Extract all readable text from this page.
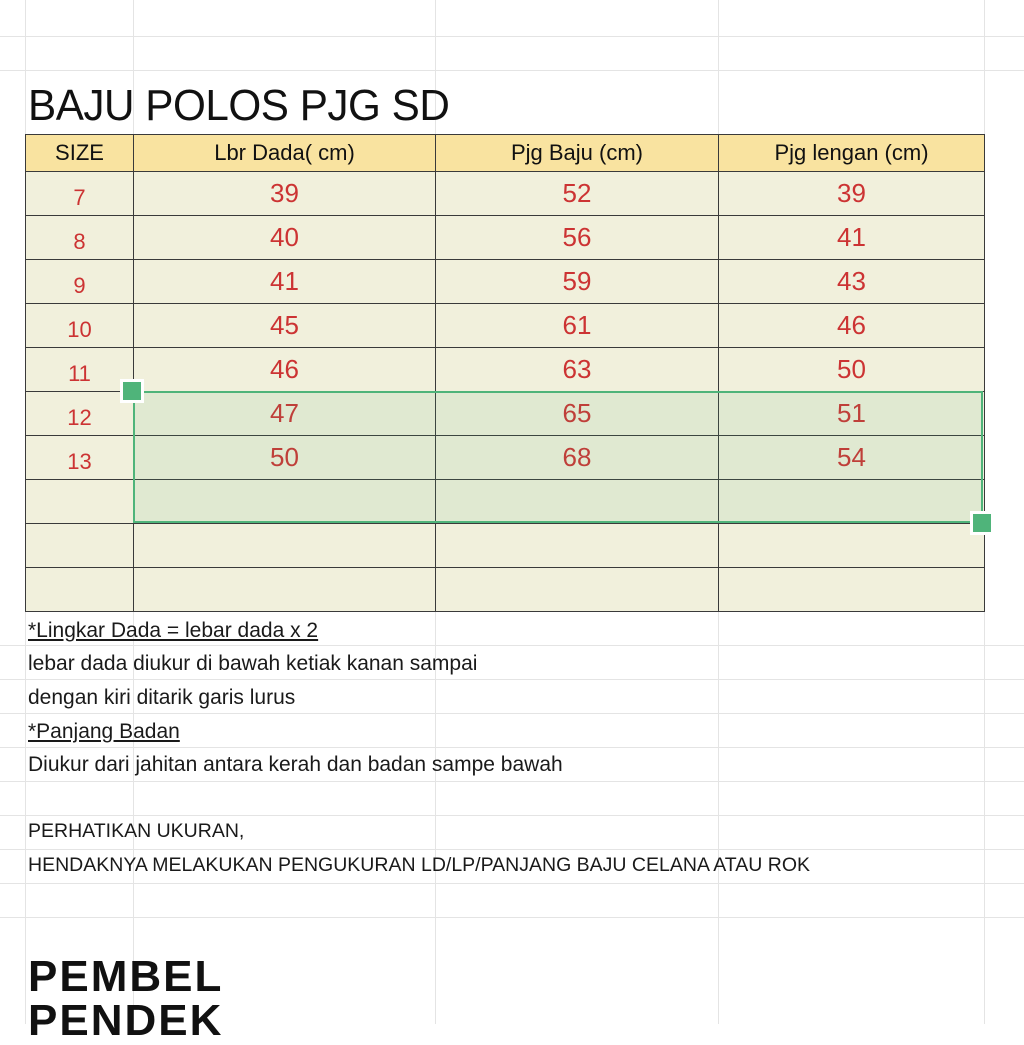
BAJU POLOS PJG SD
SIZE	Lbr Dada( cm)	Pjg Baju (cm)	Pjg lengan (cm)
7	39	52	39
8	40	56	41
9	41	59	43
10	45	61	46
11	46	63	50
12	47	65	51
13	50	68	54

*Lingkar Dada = lebar dada x 2
lebar dada diukur di bawah ketiak kanan sampai
dengan kiri ditarik garis lurus
*Panjang Badan
Diukur dari jahitan antara kerah dan badan sampe bawah
PERHATIKAN UKURAN,
HENDAKNYA MELAKUKAN PENGUKURAN LD/LP/PANJANG BAJU CELANA ATAU ROK
PEMBEL PENDEK
